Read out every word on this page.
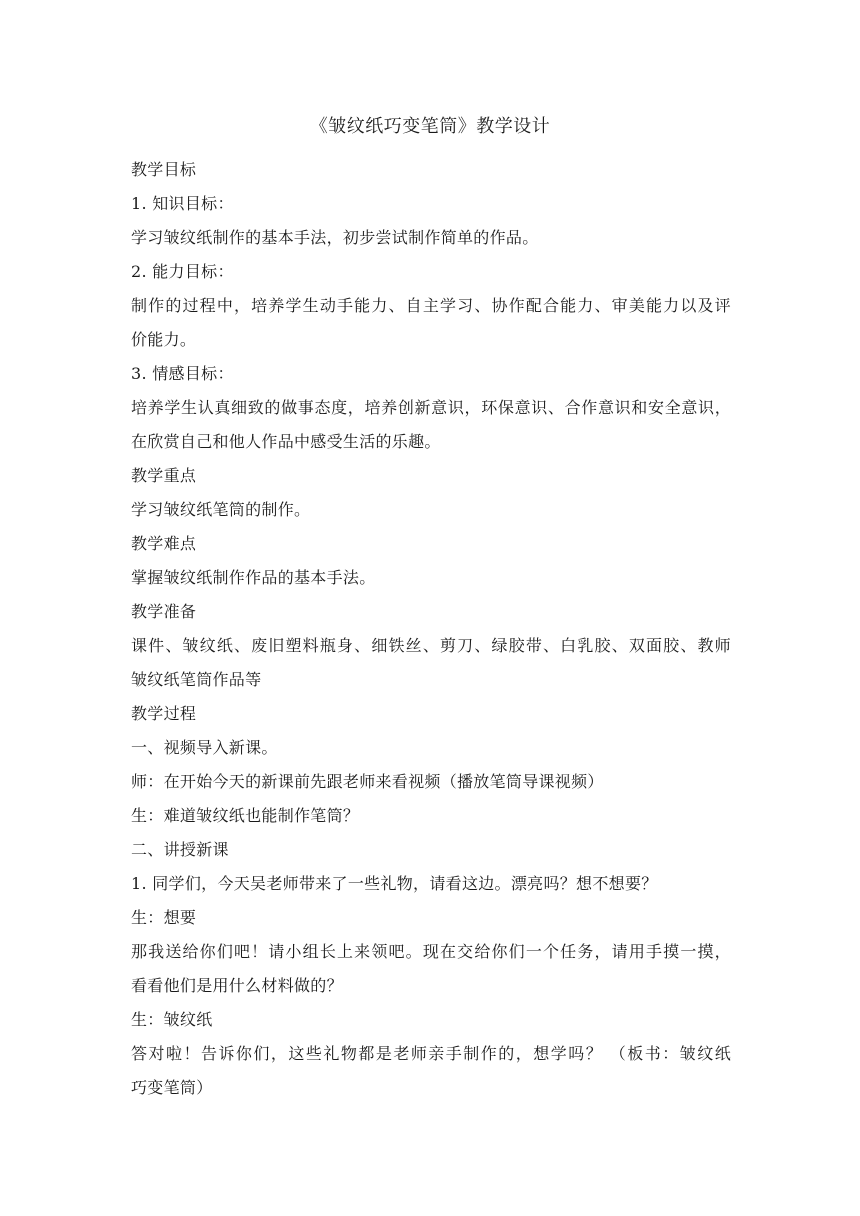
《皱纹纸巧变笔筒》教学设计
教学目标
1. 知识目标：
学习皱纹纸制作的基本手法，初步尝试制作简单的作品。
2. 能力目标：
制作的过程中，培养学生动手能力、自主学习、协作配合能力、审美能力以及评
价能力。
3. 情感目标：
培养学生认真细致的做事态度，培养创新意识，环保意识、合作意识和安全意识，
在欣赏自己和他人作品中感受生活的乐趣。
教学重点
学习皱纹纸笔筒的制作。
教学难点
掌握皱纹纸制作作品的基本手法。
教学准备
课件、皱纹纸、废旧塑料瓶身、细铁丝、剪刀、绿胶带、白乳胶、双面胶、教师
皱纹纸笔筒作品等
教学过程
一、视频导入新课。
师：在开始今天的新课前先跟老师来看视频（播放笔筒导课视频）
生：难道皱纹纸也能制作笔筒？
二、讲授新课
1. 同学们，今天吴老师带来了一些礼物，请看这边。漂亮吗？想不想要？
生：想要
那我送给你们吧！请小组长上来领吧。现在交给你们一个任务，请用手摸一摸，
看看他们是用什么材料做的？
生：皱纹纸
答对啦！告诉你们，这些礼物都是老师亲手制作的，想学吗？ （板书：皱纹纸
巧变笔筒）
